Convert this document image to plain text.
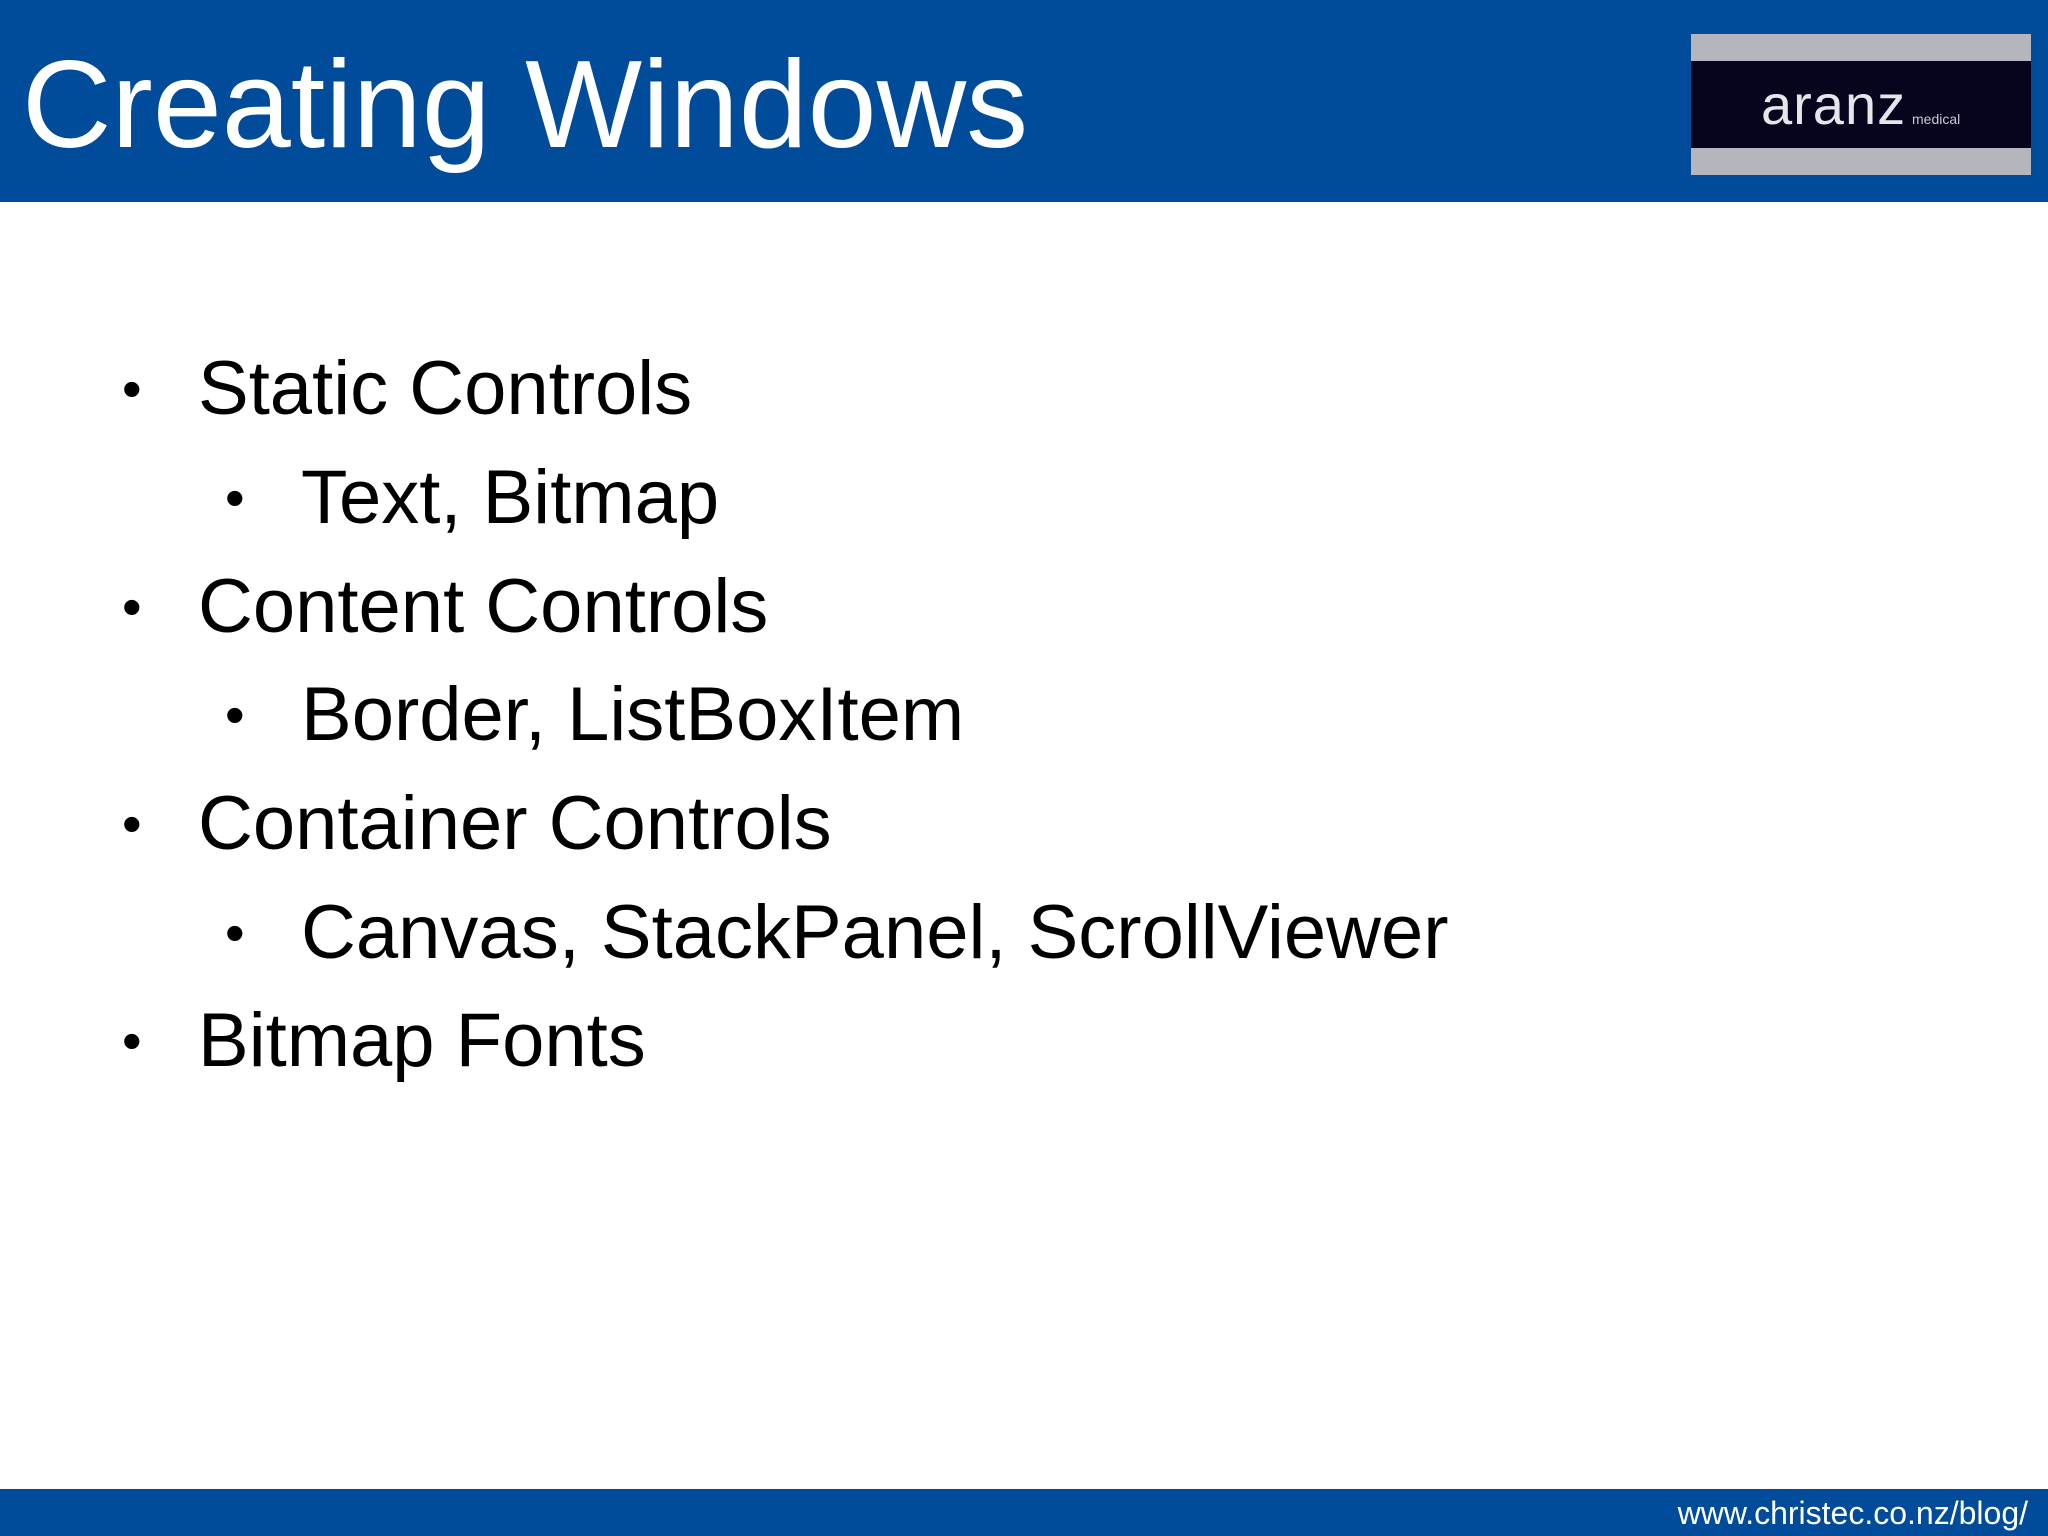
Creating Windows	aranz medical
• Static Controls
• Text, Bitmap
• Content Controls
• Border, ListBoxItem
• Container Controls
• Canvas, StackPanel, ScrollViewer
• Bitmap Fonts
www.christec.co.nz/blog/
